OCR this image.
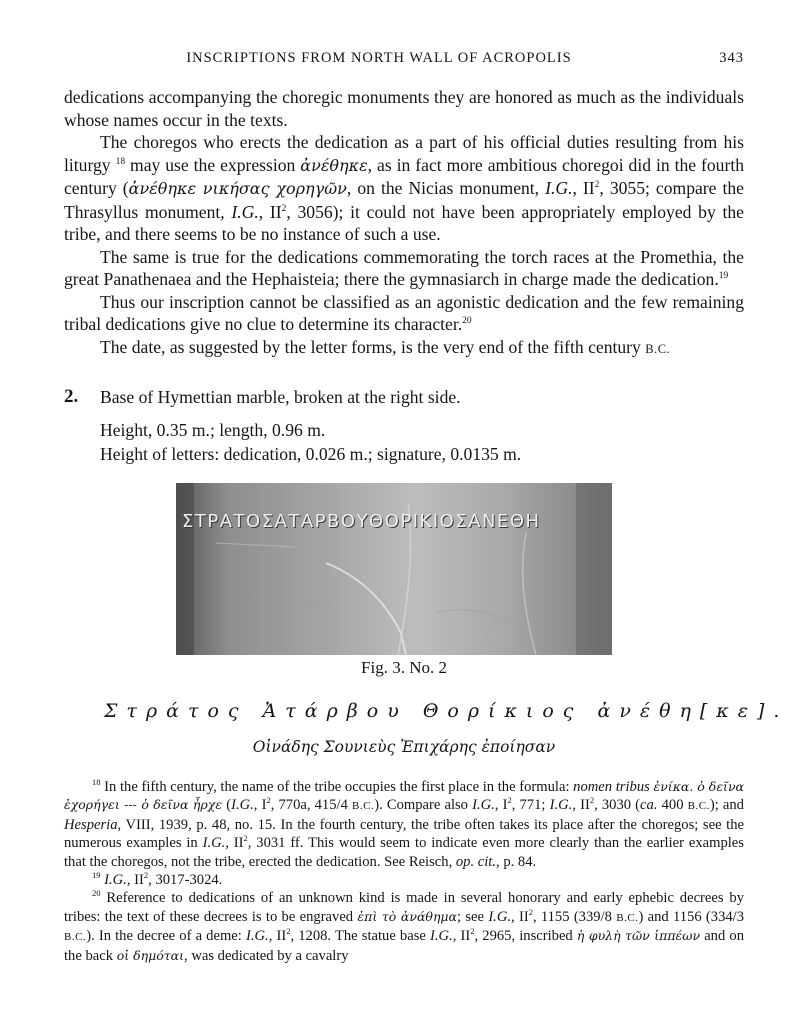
INSCRIPTIONS FROM NORTH WALL OF ACROPOLIS	343

dedications accompanying the choregic monuments they are honored as much as the individuals whose names occur in the texts.

The choregos who erects the dedication as a part of his official duties resulting from his liturgy $^{18}$ may use the expression ἀνέθηκε, as in fact more ambitious choregoi did in the fourth century (ἀνέθηκε νικήσας χορηγῶν, on the Nicias monument, I.G., $II^2$, 3055; compare the Thrasyllus monument, I.G., $II^2$, 3056); it could not have been appropriately employed by the tribe, and there seems to be no instance of such a use.

The same is true for the dedications commemorating the torch races at the Promethia, the great Panathenaea and the Hephaisteia; there the gymnasiarch in charge made the dedication.$^{19}$

Thus our inscription cannot be classified as an agonistic dedication and the few remaining tribal dedications give no clue to determine its character.$^{20}$

The date, as suggested by the letter forms, is the very end of the fifth century B.C.

2. Base of Hymettian marble, broken at the right side.
Height, 0.35 m.; length, 0.96 m.
Height of letters: dedication, 0.026 m.; signature, 0.0135 m.
ΣΤΡΑΤΟΣΑΤΑΡΒΟΥΘΟΡΙΚΙΟΣΑΝΕΘΗ
Fig. 3. No. 2
Στράτος Ἀτάρβου Θορίκιος ἀνέθη[κε].
Οἰνάδης Σουνιεὺς Ἐπιχάρης ἐποίησαν

$^{18}$ In the fifth century, the name of the tribe occupies the first place in the formula: nomen tribus ἐνίκα. ὁ δεῖνα ἐχορήγει --- ὁ δεῖνα ἦρχε (I.G., $I^2$, 770a, 415/4 B.C.). Compare also I.G., $I^2$, 771; I.G., $II^2$, 3030 (ca. 400 B.C.); and Hesperia, VIII, 1939, p. 48, no. 15. In the fourth century, the tribe often takes its place after the choregos; see the numerous examples in I.G., $II^2$, 3031 ff. This would seem to indicate even more clearly than the earlier examples that the choregos, not the tribe, erected the dedication. See Reisch, op. cit., p. 84.

$^{19}$ I.G., $II^2$, 3017-3024.

$^{20}$ Reference to dedications of an unknown kind is made in several honorary and early ephebic decrees by tribes: the text of these decrees is to be engraved ἐπὶ τὸ ἀνάθημα; see I.G., $II^2$, 1155 (339/8 B.C.) and 1156 (334/3 B.C.). In the decree of a deme: I.G., $II^2$, 1208. The statue base I.G., $II^2$, 2965, inscribed ἡ φυλὴ τῶν ἱππέων and on the back οἱ δημόται, was dedicated by a cavalry
